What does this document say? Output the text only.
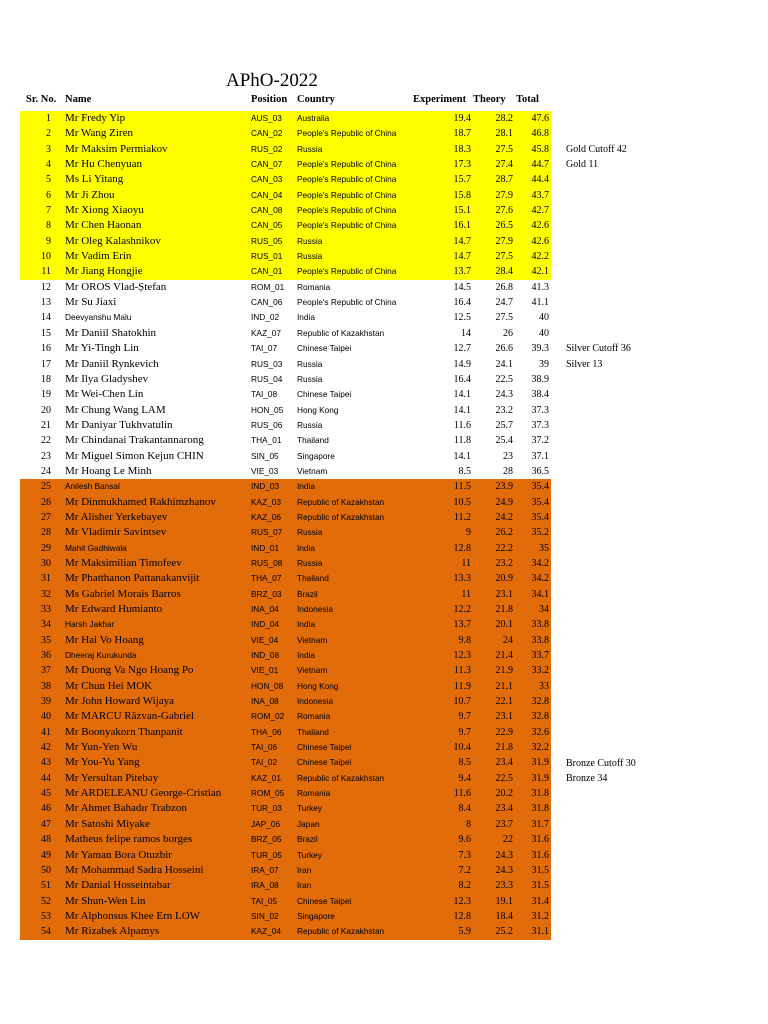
APhO-2022
Sr. No. Name	Position Country	Experiment Theory Total
1 Mr Fredy Yip	AUS_03 Australia	19.4	28.2	47.6
2 Mr Wang Ziren	CAN_02 People's Republic of China	18.7	28.1	46.8
3 Mr Maksim Permiakov	RUS_02 Russia	18.3	27.5	45.8
4 Mr Hu Chenyuan	CAN_07 People's Republic of China	17.3	27.4	44.7
5 Ms Li Yitang	CAN_03 People's Republic of China	15.7	28.7	44.4
6 Mr Ji Zhou	CAN_04 People's Republic of China	15.8	27.9	43.7
7 Mr Xiong Xiaoyu	CAN_08 People's Republic of China	15.1	27.6	42.7
8 Mr Chen Haonan	CAN_05 People's Republic of China	16.1	26.5	42.6
9 Mr Oleg Kalashnikov	RUS_05 Russia	14.7	27.9	42.6
10 Mr Vadim Erin	RUS_01 Russia	14.7	27.5	42.2
11 Mr Jiang Hongjie	CAN_01 People's Republic of China	13.7	28.4	42.1
12 Mr OROS Vlad-Ștefan	ROM_01 Romania	14.5	26.8	41.3
13 Mr Su Jiaxi	CAN_06 People's Republic of China	16.4	24.7	41.1
14 Deevyanshu Malu	IND_02 India	12.5	27.5	40
15 Mr Daniil Shatokhin	KAZ_07 Republic of Kazakhstan	14	26	40
16 Mr Yi-Tingh Lin	TAI_07 Chinese Taipei	12.7	26.6	39.3
17 Mr Daniil Rynkevich	RUS_03 Russia	14.9	24.1	39
18 Mr Ilya Gladyshev	RUS_04 Russia	16.4	22.5	38.9
19 Mr Wei-Chen Lin	TAI_08 Chinese Taipei	14.1	24.3	38.4
20 Mr Chung Wang LAM	HON_05 Hong Kong	14.1	23.2	37.3
21 Mr Daniyar Tukhvatulin	RUS_06 Russia	11.6	25.7	37.3
22 Mr Chindanai Trakantannarong	THA_01 Thailand	11.8	25.4	37.2
23 Mr Miguel Simon Kejun CHIN	SIN_05 Singapore	14.1	23	37.1
24 Mr Hoang Le Minh	VIE_03 Vietnam	8.5	28	36.5
25 Anilesh Bansal	IND_03 India	11.5	23.9	35.4
26 Mr Dinmukhamed Rakhimzhanov	KAZ_03 Republic of Kazakhstan	10.5	24.9	35.4
27 Mr Alisher Yerkebayev	KAZ_06 Republic of Kazakhstan	11.2	24.2	35.4
28 Mr Vladimir Savintsev	RUS_07 Russia	9	26.2	35.2
29 Mahit Gadhiwala	IND_01 India	12.8	22.2	35
30 Mr Maksimilian Timofeev	RUS_08 Russia	11	23.2	34.2
31 Mr Phatthanon Pattanakanvijit	THA_07 Thailand	13.3	20.9	34.2
32 Ms Gabriel Morais Barros	BRZ_03 Brazil	11	23.1	34.1
33 Mr Edward Humianto	INA_04 Indonesia	12.2	21.8	34
34 Harsh Jakhar	IND_04 India	13.7	20.1	33.8
35 Mr Hai Vo Hoang	VIE_04 Vietnam	9.8	24	33.8
36 Dheeraj Kurukunda	IND_08 India	12.3	21.4	33.7
37 Mr Duong Va Ngo Hoang Po	VIE_01 Vietnam	11.3	21.9	33.2
38 Mr Chun Hei MOK	HON_08 Hong Kong	11.9	21.1	33
39 Mr John Howard Wijaya	INA_08 Indonesia	10.7	22.1	32.8
40 Mr MARCU Răzvan-Gabriel	ROM_02 Romania	9.7	23.1	32.8
41 Mr Boonyakorn Thanpanit	THA_06 Thailand	9.7	22.9	32.6
42 Mr Yun-Yen Wu	TAI_06 Chinese Taipei	10.4	21.8	32.2
43 Mr You-Yu Yang	TAI_02 Chinese Taipei	8.5	23.4	31.9
44 Mr Yersultan Pitebay	KAZ_01 Republic of Kazakhstan	9.4	22.5	31.9
45 Mr ARDELEANU George-Cristian	ROM_05 Romania	11.6	20.2	31.8
46 Mr Ahmet Bahadır Trabzon	TUR_03 Turkey	8.4	23.4	31.8
47 Mr Satoshi Miyake	JAP_06 Japan	8	23.7	31.7
48 Matheus felipe ramos borges	BRZ_05 Brazil	9.6	22	31.6
49 Mr Yaman Bora Otuzbir	TUR_05 Turkey	7.3	24.3	31.6
50 Mr Mohammad Sadra Hosseini	IRA_07 Iran	7.2	24.3	31.5
51 Mr Danial Hosseintabar	IRA_08 Iran	8.2	23.3	31.5
52 Mr Shun-Wen Lin	TAI_05 Chinese Taipei	12.3	19.1	31.4
53 Mr Alphonsus Khee Ern LOW	SIN_02 Singapore	12.8	18.4	31.2
54 Mr Rizabek Alpamys	KAZ_04 Republic of Kazakhstan	5.9	25.2	31.1
Gold Cutoff 42
Gold 11
Silver Cutoff 36
Silver 13
Bronze Cutoff 30
Bronze 34
